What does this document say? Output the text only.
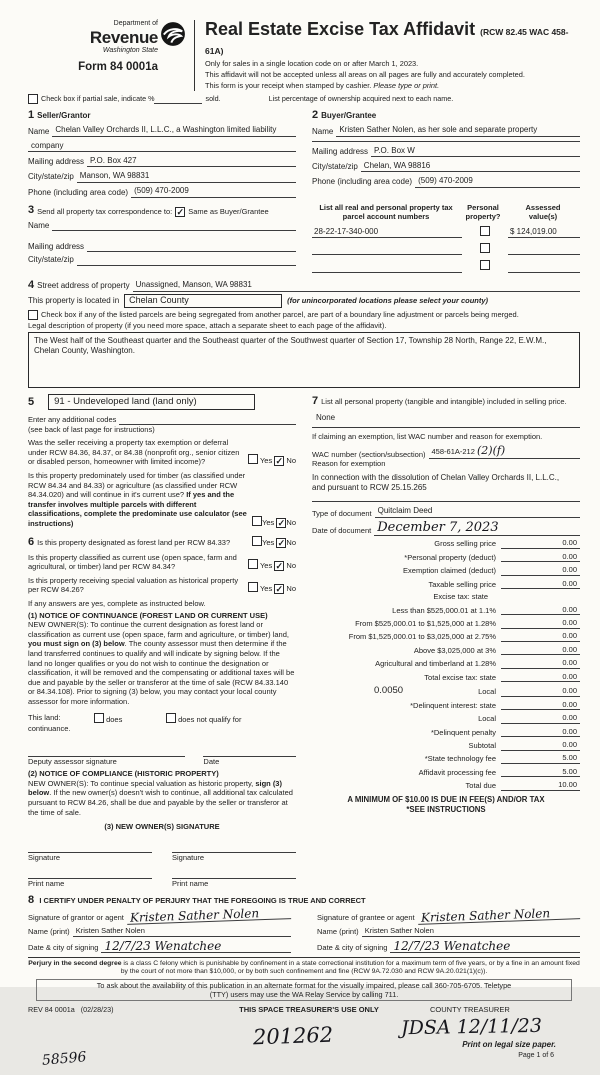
Department of
Revenue
Washington State
Form 84 0001a
Real Estate Excise Tax Affidavit (RCW 82.45 WAC 458-61A)
Only for sales in a single location code on or after March 1, 2023.
This affidavit will not be accepted unless all areas on all pages are fully and accurately completed.
This form is your receipt when stamped by cashier. Please type or print.
Check box if partial sale, indicate %	sold.	List percentage of ownership acquired next to each name.
1 Seller/Grantor
Name Chelan Valley Orchards II, L.L.C., a Washington limited liability
company
Mailing address P.O. Box 427
City/state/zip Manson, WA 98831
Phone (including area code) (509) 470-2009
2 Buyer/Grantee
Name Kristen Sather Nolen, as her sole and separate property
Mailing address P.O. Box W
City/state/zip Chelan, WA 98816
Phone (including area code) (509) 470-2009
3 Send all property tax correspondence to: ✓ Same as Buyer/Grantee
Name
Mailing address
City/state/zip
List all real and personal property tax
parcel account numbers
Personal
property?
Assessed
value(s)
28-22-17-340-000	$ 124,019.00
4 Street address of property Unassigned, Manson, WA 98831
This property is located in	Chelan County	(for unincorporated locations please select your county)
Check box if any of the listed parcels are being segregated from another parcel, are part of a boundary line adjustment or parcels being merged.
Legal description of property (if you need more space, attach a separate sheet to each page of the affidavit).
The West half of the Southeast quarter and the Southeast quarter of the Southwest quarter of Section 17, Township 28 North, Range 22, E.W.M., Chelan County, Washington.
5	91 - Undeveloped land (land only)
Enter any additional codes
(see back of last page for instructions)
Was the seller receiving a property tax exemption or deferral under RCW 84.36, 84.37, or 84.38 (nonprofit org., senior citizen or disabled person, homeowner with limited income)?	Yes ✓ No
Is this property predominately used for timber (as classified under RCW 84.34 and 84.33) or agriculture (as classified under RCW 84.34.020) and will continue in it's current use? If yes and the transfer involves multiple parcels with different classifications, complete the predominate use calculator (see instructions)	Yes ✓No
6 Is this property designated as forest land per RCW 84.33?	Yes ✓No
Is this property classified as current use (open space, farm and agricultural, or timber) land per RCW 84.34?	Yes ✓ No
Is this property receiving special valuation as historical property per RCW 84.26?	Yes ✓ No
If any answers are yes, complete as instructed below.
(1) NOTICE OF CONTINUANCE (FOREST LAND OR CURRENT USE)
NEW OWNER(S): To continue the current designation as forest land or classification as current use (open space, farm and agriculture, or timber) land, you must sign on (3) below. The county assessor must then determine if the land transferred continues to qualify and will indicate by signing below. If the land no longer qualifies or you do not wish to continue the designation or classification, it will be removed and the compensating or additional taxes will be due and payable by the seller or transferor at the time of sale (RCW 84.33.140 or 84.34.108). Prior to signing (3) below, you may contact your local county assessor for more information.
This land:	does	does not qualify for
continuance.
Deputy assessor signature	Date
(2) NOTICE OF COMPLIANCE (HISTORIC PROPERTY)
NEW OWNER(S): To continue special valuation as historic property, sign (3) below. If the new owner(s) doesn't wish to continue, all additional tax calculated pursuant to RCW 84.26, shall be due and payable by the seller or transferor at the time of sale.
(3) NEW OWNER(S) SIGNATURE
Signature	Signature
Print name	Print name
7 List all personal property (tangible and intangible) included in selling price.
None
If claiming an exemption, list WAC number and reason for exemption.
WAC number (section/subsection) 458-61A-212 (2)(f)
Reason for exemption
In connection with the dissolution of Chelan Valley Orchards II, L.L.C.,
and pursuant to RCW 25.15.265
Type of document Quitclaim Deed
Date of document December 7, 2023
Gross selling price	0.00
*Personal property (deduct)	0.00
Exemption claimed (deduct)	0.00
Taxable selling price	0.00
Excise tax: state
Less than $525,000.01 at 1.1%	0.00
From $525,000.01 to $1,525,000 at 1.28%	0.00
From $1,525,000.01 to $3,025,000 at 2.75%	0.00
Above $3,025,000 at 3%	0.00
Agricultural and timberland at 1.28%	0.00
Total excise tax: state	0.00
0.0050	Local	0.00
*Delinquent interest: state	0.00
Local	0.00
*Delinquent penalty	0.00
Subtotal	0.00
*State technology fee	5.00
Affidavit processing fee	5.00
Total due	10.00
A MINIMUM OF $10.00 IS DUE IN FEE(S) AND/OR TAX
*SEE INSTRUCTIONS
8 I CERTIFY UNDER PENALTY OF PERJURY THAT THE FOREGOING IS TRUE AND CORRECT
Signature of grantor or agent Kristen Sather Nolen
Name (print) Kristen Sather Nolen
Date & city of signing 12/7/23 Wenatchee
Signature of grantee or agent Kristen Sather Nolen
Name (print) Kristen Sather Nolen
Date & city of signing 12/7/23 Wenatchee
Perjury in the second degree is a class C felony which is punishable by confinement in a state correctional institution for a maximum term of five years, or by a fine in an amount fixed by the court of not more than $10,000, or by both such confinement and fine (RCW 9A.72.030 and RCW 9A.20.021(1)(c)).
To ask about the availability of this publication in an alternate format for the visually impaired, please call 360-705-6705. Teletype
(TTY) users may use the WA Relay Service by calling 711.
REV 84 0001a (02/28/23)	THIS SPACE TREASURER'S USE ONLY	COUNTY TREASURER
201262	JDSA 12/11/23
Print on legal size paper.
Page 1 of 6
58596
